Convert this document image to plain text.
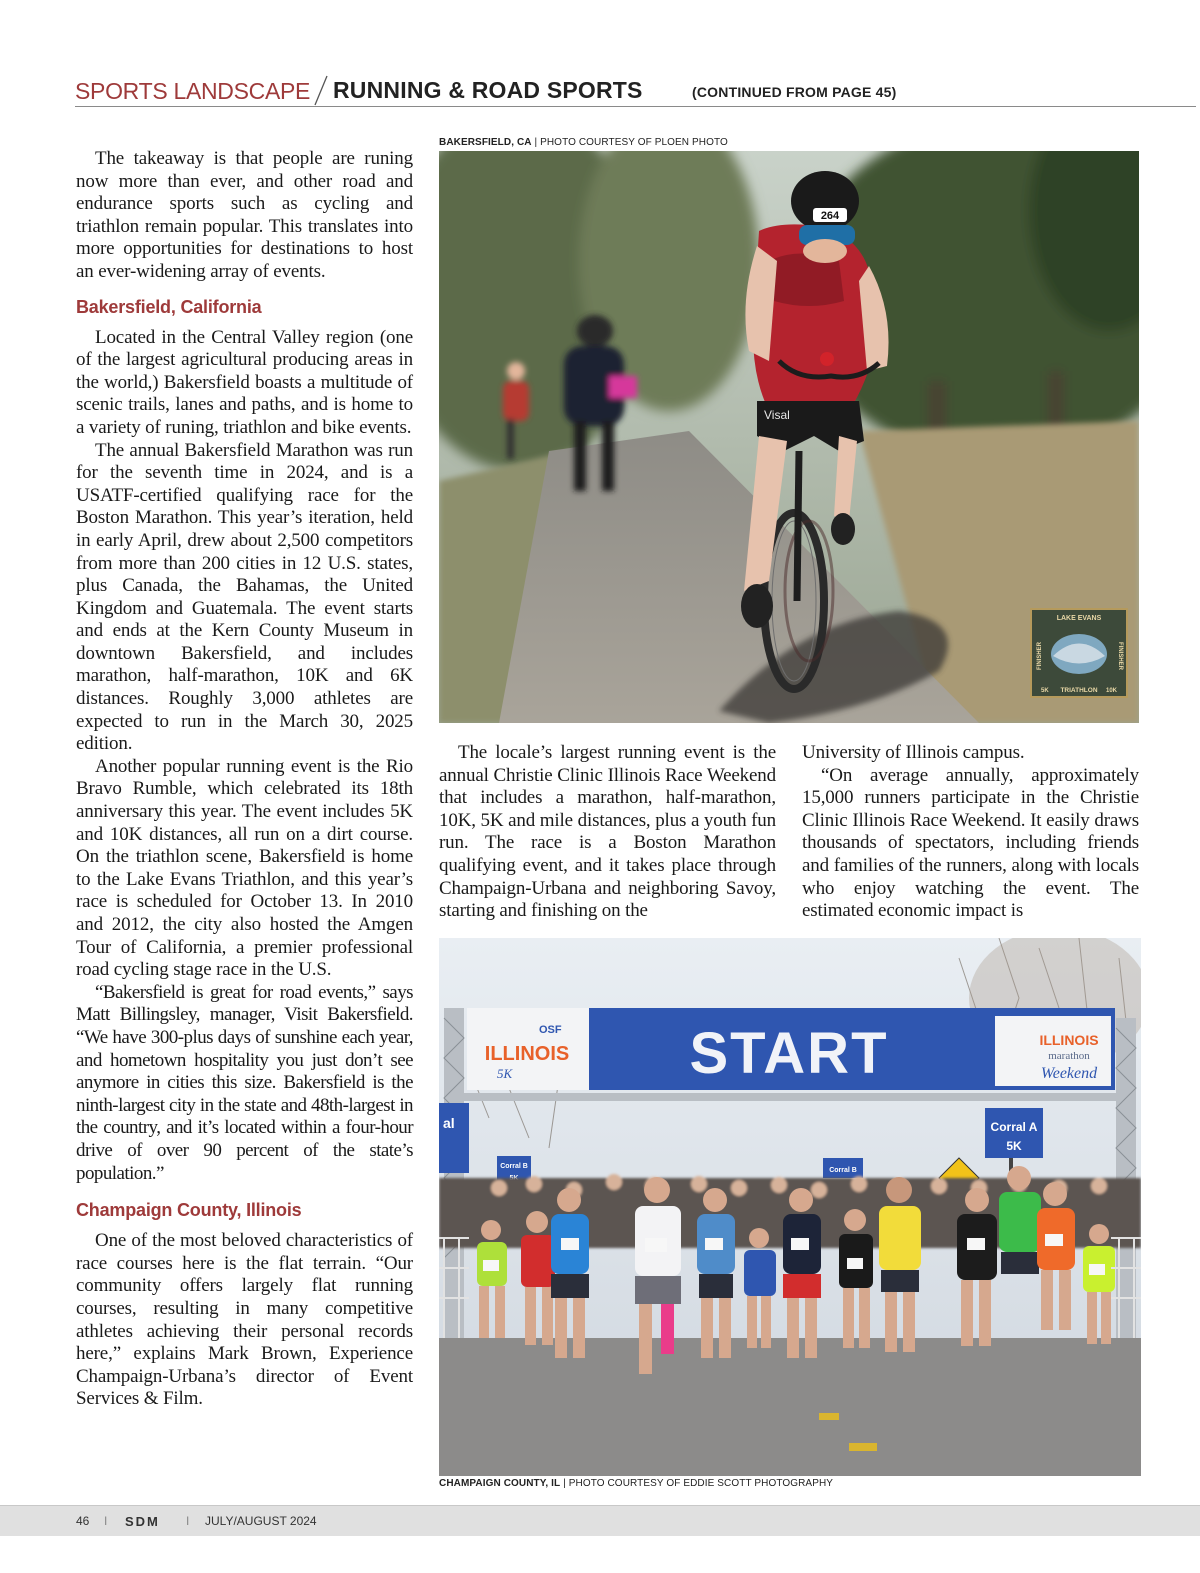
SPORTS LANDSCAPE RUNNING & ROAD SPORTS	(CONTINUED FROM PAGE 45)

The takeaway is that people are runing now more than ever, and other road and endurance sports such as cycling and triathlon remain popular. This translates into more opportunities for destinations to host an ever-widening array of events.

Bakersfield, California

Located in the Central Valley region (one of the largest agricultural producing areas in the world,) Bakersfield boasts a multitude of scenic trails, lanes and paths, and is home to a variety of runing, triathlon and bike events.

The annual Bakersfield Marathon was run for the seventh time in 2024, and is a USATF-certified qualifying race for the Boston Marathon. This year’s iteration, held in early April, drew about 2,500 competitors from more than 200 cities in 12 U.S. states, plus Canada, the Bahamas, the United Kingdom and Guatemala. The event starts and ends at the Kern County Museum in downtown Bakersfield, and includes marathon, half-marathon, 10K and 6K distances. Roughly 3,000 athletes are expected to run in the March 30, 2025 edition.

Another popular running event is the Rio Bravo Rumble, which celebrated its 18th anniversary this year. The event includes 5K and 10K distances, all run on a dirt course. On the triathlon scene, Bakersfield is home to the Lake Evans Triathlon, and this year’s race is scheduled for October 13. In 2010 and 2012, the city also hosted the Amgen Tour of California, a premier professional road cycling stage race in the U.S.

“Bakersfield is great for road events,” says Matt Billingsley, manager, Visit Bakersfield. “We have 300-plus days of sunshine each year, and hometown hospitality you just don’t see anymore in cities this size. Bakersfield is the ninth-largest city in the state and 48th-largest in the country, and it’s located within a four-hour drive of over 90 percent of the state’s population.”

Champaign County, Illinois

One of the most beloved characteristics of race courses here is the flat terrain. “Our community offers largely flat running courses, resulting in many competitive athletes achieving their personal records here,” explains Mark Brown, Experience Champaign-Urbana’s director of Event Services & Film.

BAKERSFIELD, CA | PHOTO COURTESY OF PLOEN PHOTO
264
Visal
LAKE EVANS
FINISHER	FINISHER
5K TRIATHLON 10K

The locale’s largest running event is the annual Christie Clinic Illinois Race Weekend that includes a marathon, half-marathon, 10K, 5K and mile distances, plus a youth fun run. The race is a Boston Marathon qualifying event, and it takes place through Champaign-Urbana and neighboring Savoy, starting and finishing on the

University of Illinois campus.

“On average annually, approximately 15,000 runners participate in the Christie Clinic Illinois Race Weekend. It easily draws thousands of spectators, including friends and families of the runners, along with locals who enjoy watching the event. The estimated economic impact is

OSF
ILLINOIS
5K	START	ILLINOIS
marathon
Weekend
al	Corral A
5K
Corral B
Corral B
CHAMPAIGN COUNTY, IL | PHOTO COURTESY OF EDDIE SCOTT PHOTOGRAPHY
46 I SDM I JULY/AUGUST 2024
